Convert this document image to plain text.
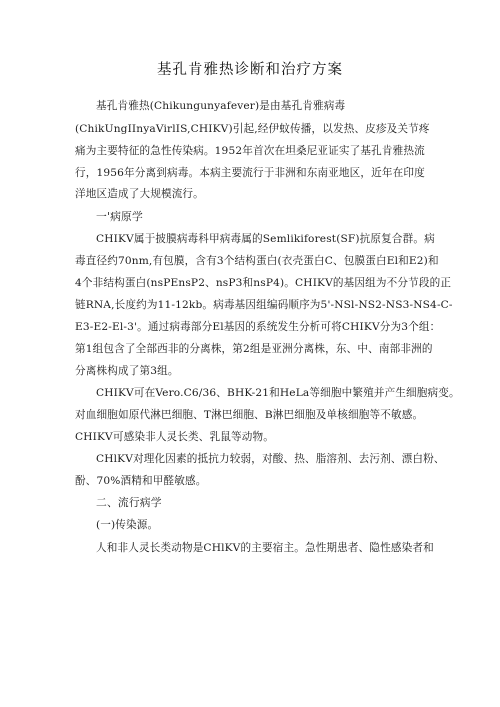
基孔肯雅热诊断和治疗方案
基孔肯雅热(Chikungunyafever)是由基孔肯雅病毒
(ChikUngIInyaVirlIS,CHIKV)引起,经伊蚊传播，以发热、皮疹及关节疼
痛为主要特征的急性传染病。1952年首次在坦桑尼亚证实了基孔肯雅热流
行，1956年分离到病毒。本病主要流行于非洲和东南亚地区，近年在印度
洋地区造成了大规模流行。
一'病原学
CHIKV属于披膜病毒科甲病毒属的Semlikiforest(SF)抗原复合群。病
毒直径约70nm,有包膜，含有3个结构蛋白(衣壳蛋白C、包膜蛋白El和E2)和
4个非结构蛋白(nsPEnsP2、nsP3和nsP4)。CHIKV的基因组为不分节段的正
链RNA,长度约为11-12kb。病毒基因组编码顺序为5'-NSl-NS2-NS3-NS4-C-
E3-E2-El-3'。通过病毒部分El基因的系统发生分析可将CHIKV分为3个组：
第1组包含了全部西非的分离株，第2组是亚洲分离株，东、中、南部非洲的
分离株构成了第3组。
CHIKV可在Vero.C6/36、BHK-21和HeLa等细胞中繁殖并产生细胞病变。
对血细胞如原代淋巴细胞、T淋巴细胞、B淋巴细胞及单核细胞等不敏感。
CHIKV可感染非人灵长类、乳鼠等动物。
CHlKV对理化因素的抵抗力较弱，对酸、热、脂溶剂、去污剂、漂白粉、
酚、70%酒精和甲醛敏感。
二、流行病学
(一)传染源。
人和非人灵长类动物是CHlKV的主要宿主。急性期患者、隐性感染者和
